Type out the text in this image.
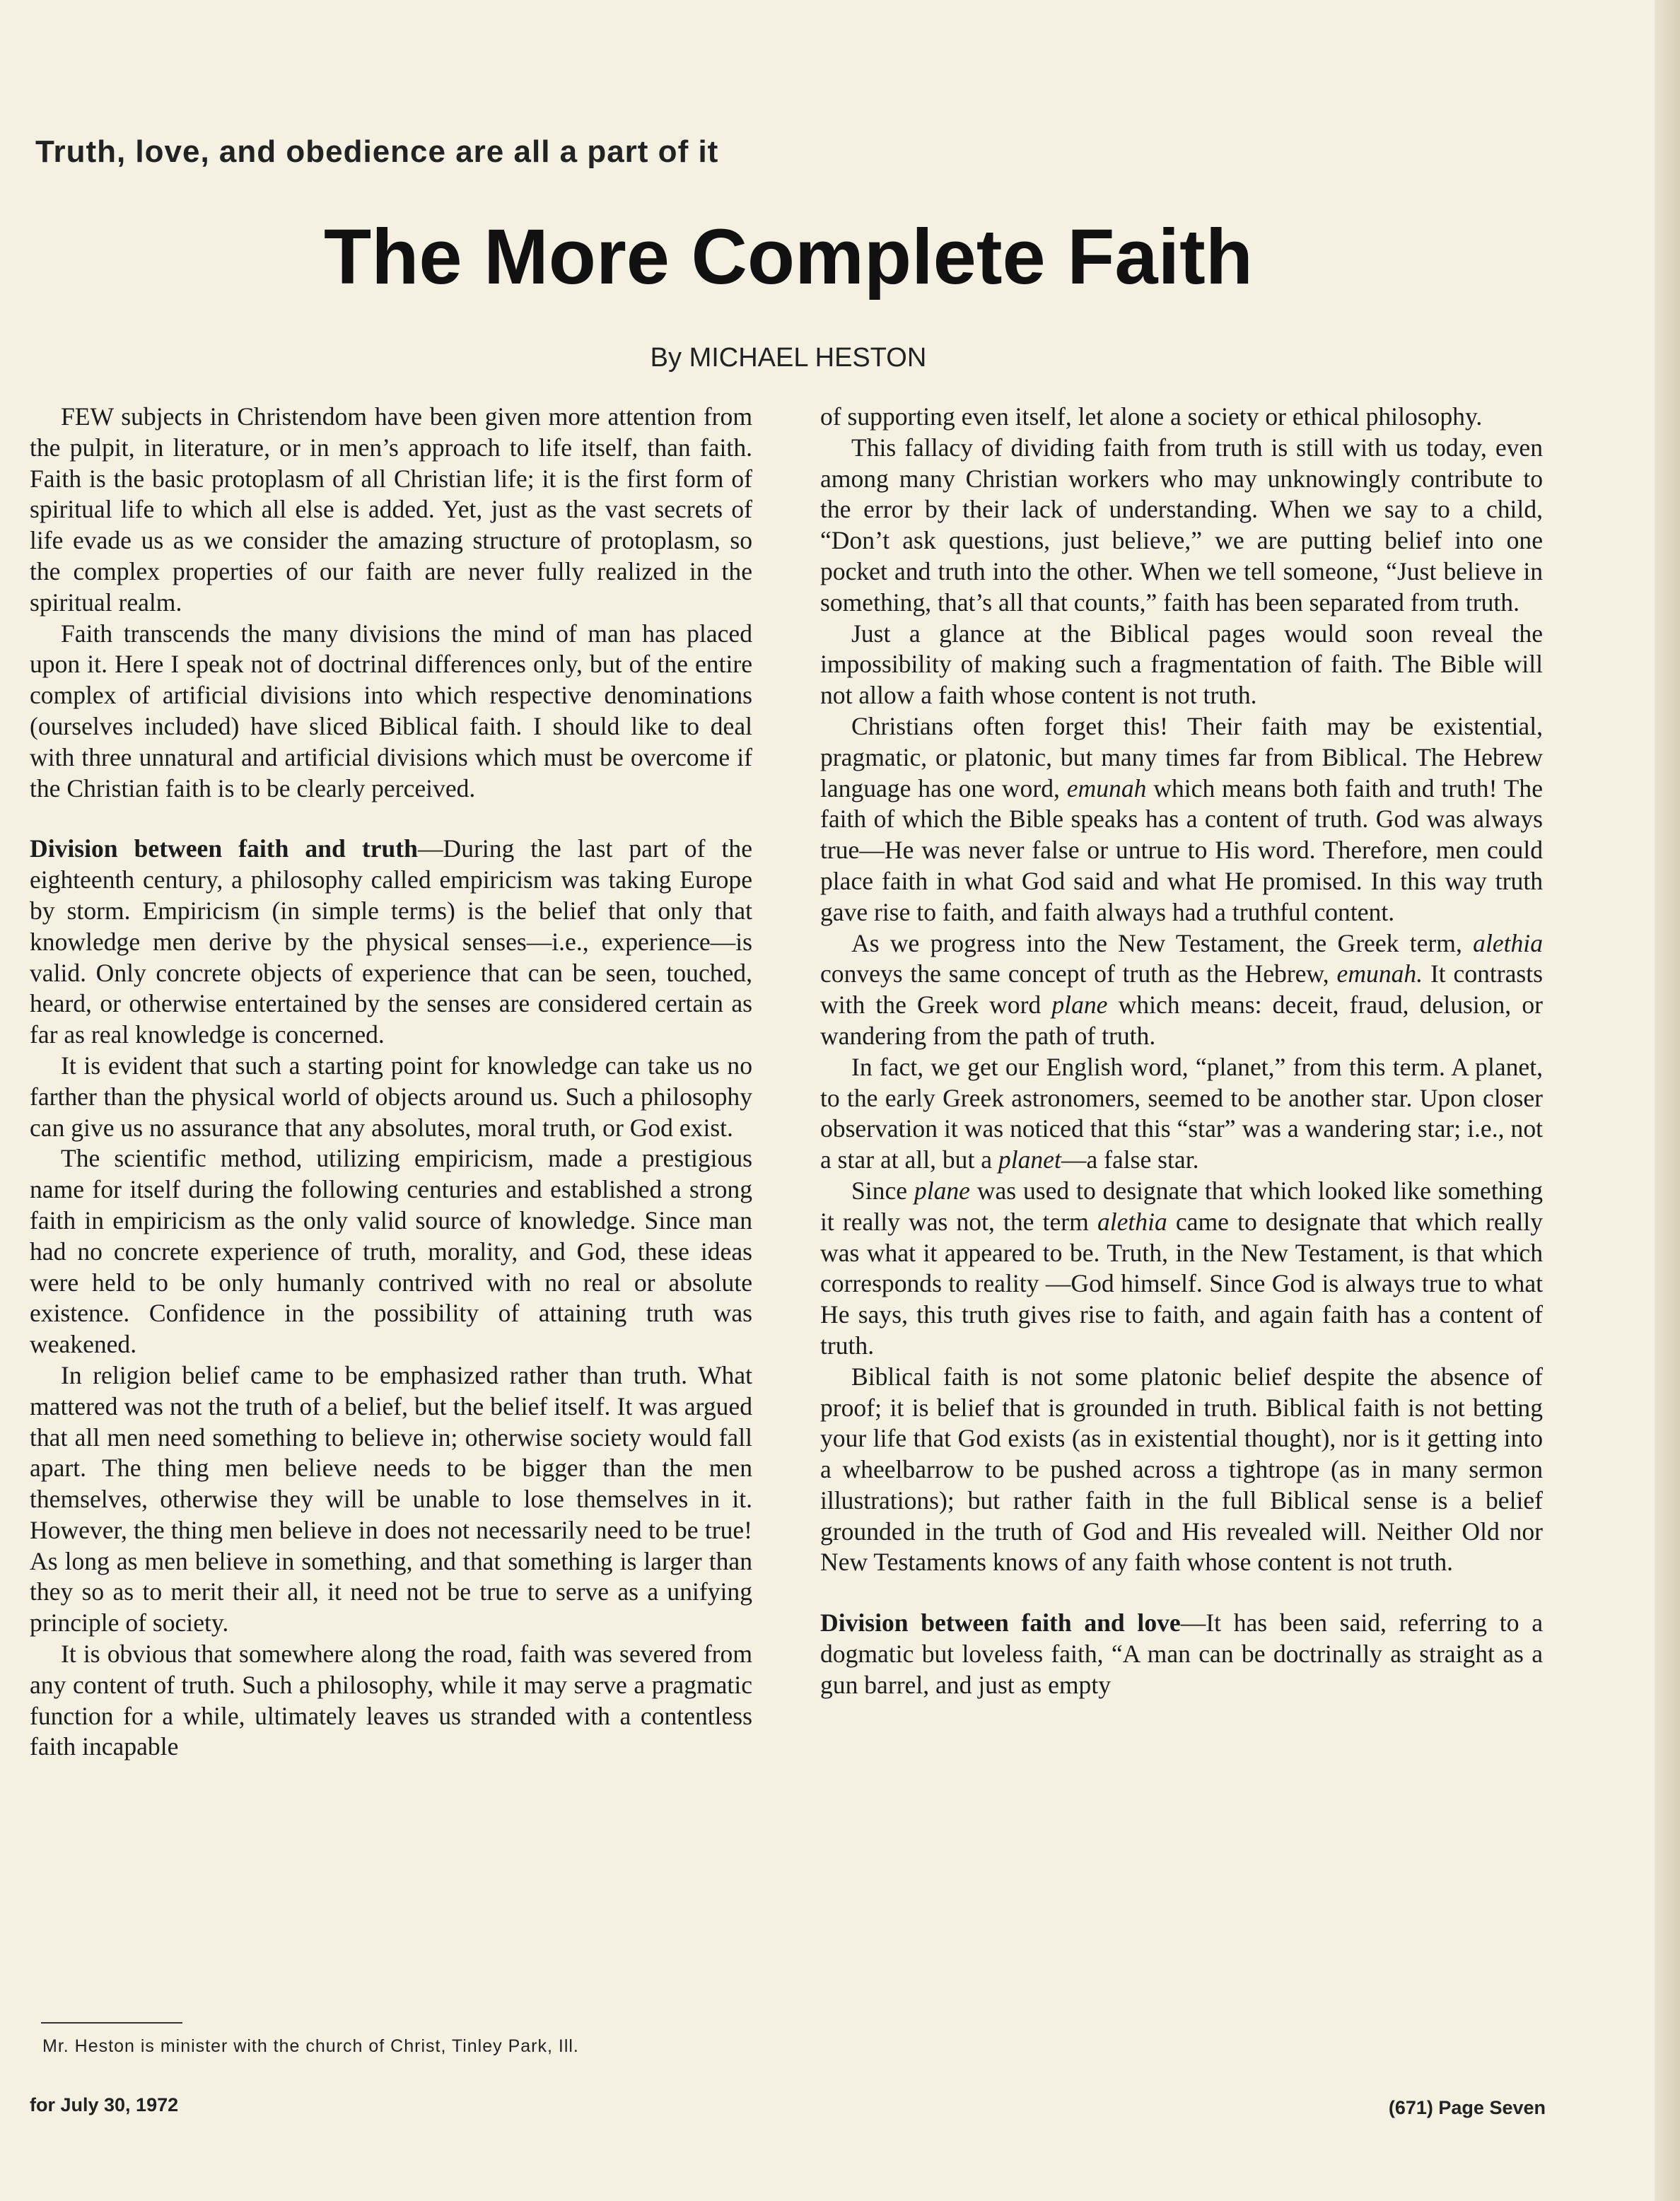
Truth, love, and obedience are all a part of it
The More Complete Faith
By MICHAEL HESTON

FEW subjects in Christendom have been given more attention from the pulpit, in literature, or in men’s approach to life itself, than faith. Faith is the basic protoplasm of all Christian life; it is the first form of spiritual life to which all else is added. Yet, just as the vast secrets of life evade us as we consider the amazing structure of protoplasm, so the complex properties of our faith are never fully realized in the spiritual realm.

Faith transcends the many divisions the mind of man has placed upon it. Here I speak not of doctrinal differences only, but of the entire complex of artificial divisions into which respective denominations (ourselves included) have sliced Biblical faith. I should like to deal with three unnatural and artificial divisions which must be overcome if the Christian faith is to be clearly perceived.

Division between faith and truth—During the last part of the eighteenth century, a philosophy called empiricism was taking Europe by storm. Empiricism (in simple terms) is the belief that only that knowledge men derive by the physical senses—i.e., experience—is valid. Only concrete objects of experience that can be seen, touched, heard, or otherwise entertained by the senses are considered certain as far as real knowledge is concerned.

It is evident that such a starting point for knowledge can take us no farther than the physical world of objects around us. Such a philosophy can give us no assurance that any absolutes, moral truth, or God exist.

The scientific method, utilizing empiricism, made a prestigious name for itself during the following centuries and established a strong faith in empiricism as the only valid source of knowledge. Since man had no concrete experience of truth, morality, and God, these ideas were held to be only humanly contrived with no real or absolute existence. Confidence in the possibility of attaining truth was weakened.

In religion belief came to be emphasized rather than truth. What mattered was not the truth of a belief, but the belief itself. It was argued that all men need something to believe in; otherwise society would fall apart. The thing men believe needs to be bigger than the men themselves, otherwise they will be unable to lose themselves in it. However, the thing men believe in does not necessarily need to be true! As long as men believe in something, and that something is larger than they so as to merit their all, it need not be true to serve as a unifying principle of society.

It is obvious that somewhere along the road, faith was severed from any content of truth. Such a philosophy, while it may serve a pragmatic function for a while, ultimately leaves us stranded with a contentless faith incapable

of supporting even itself, let alone a society or ethical philosophy.

This fallacy of dividing faith from truth is still with us today, even among many Christian workers who may unknowingly contribute to the error by their lack of understanding. When we say to a child, “Don’t ask questions, just believe,” we are putting belief into one pocket and truth into the other. When we tell someone, “Just believe in something, that’s all that counts,” faith has been separated from truth.

Just a glance at the Biblical pages would soon reveal the impossibility of making such a fragmentation of faith. The Bible will not allow a faith whose content is not truth.

Christians often forget this! Their faith may be existential, pragmatic, or platonic, but many times far from Biblical. The Hebrew language has one word, emunah which means both faith and truth! The faith of which the Bible speaks has a content of truth. God was always true—He was never false or untrue to His word. Therefore, men could place faith in what God said and what He promised. In this way truth gave rise to faith, and faith always had a truthful content.

As we progress into the New Testament, the Greek term, alethia conveys the same concept of truth as the Hebrew, emunah. It contrasts with the Greek word plane which means: deceit, fraud, delusion, or wandering from the path of truth.

In fact, we get our English word, “planet,” from this term. A planet, to the early Greek astronomers, seemed to be another star. Upon closer observation it was noticed that this “star” was a wandering star; i.e., not a star at all, but a planet—a false star.

Since plane was used to designate that which looked like something it really was not, the term alethia came to designate that which really was what it appeared to be. Truth, in the New Testament, is that which corresponds to reality —God himself. Since God is always true to what He says, this truth gives rise to faith, and again faith has a content of truth.

Biblical faith is not some platonic belief despite the absence of proof; it is belief that is grounded in truth. Biblical faith is not betting your life that God exists (as in existential thought), nor is it getting into a wheelbarrow to be pushed across a tightrope (as in many sermon illustrations); but rather faith in the full Biblical sense is a belief grounded in the truth of God and His revealed will. Neither Old nor New Testaments knows of any faith whose content is not truth.

Division between faith and love—It has been said, referring to a dogmatic but loveless faith, “A man can be doctrinally as straight as a gun barrel, and just as empty

Mr. Heston is minister with the church of Christ, Tinley Park, Ill.
for July 30, 1972	(671) Page Seven
